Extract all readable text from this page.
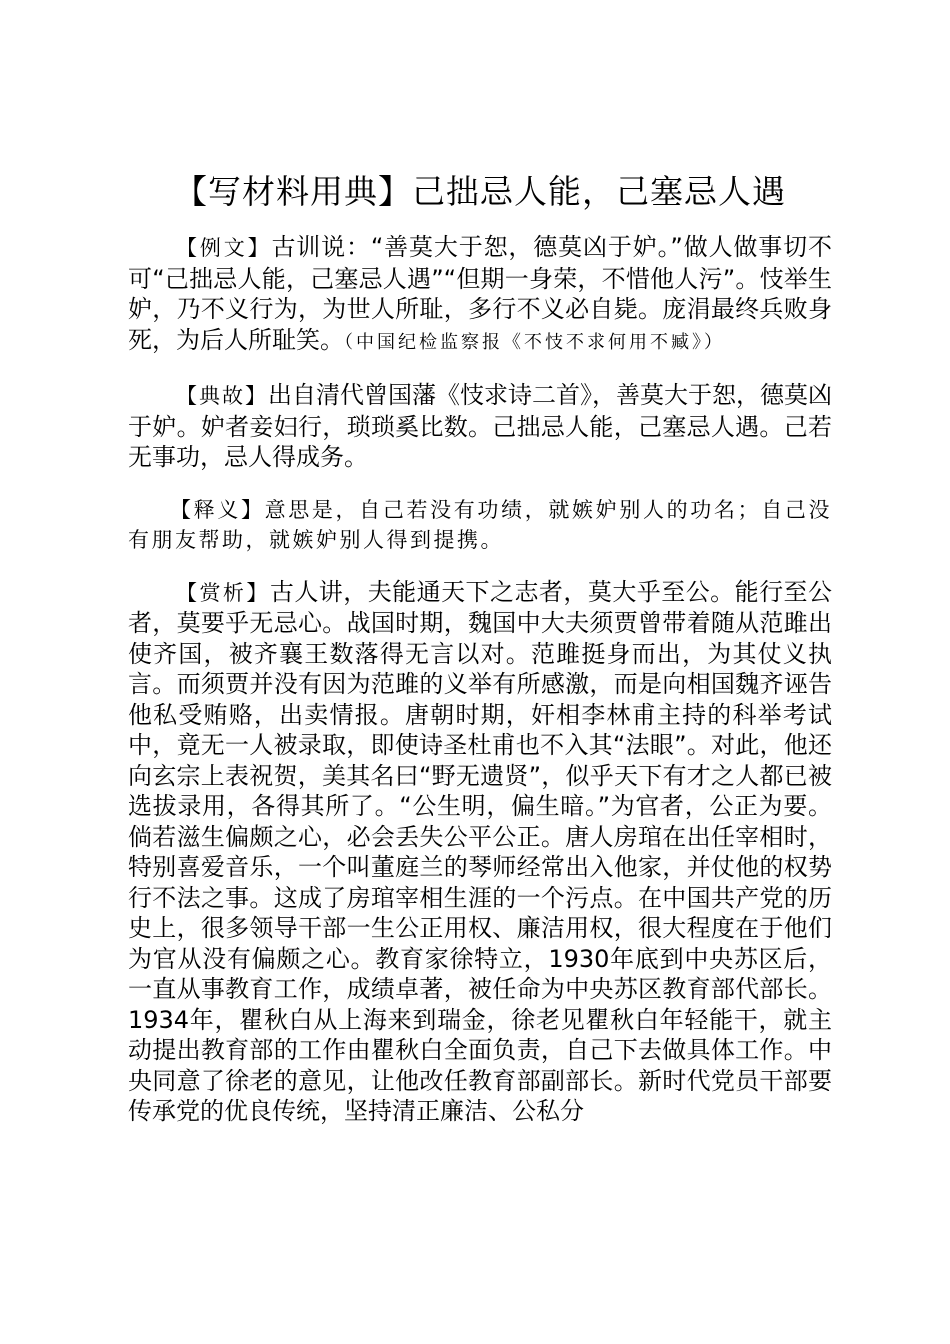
【写材料用典】己拙忌人能，己塞忌人遇

【例文】古训说：“善莫大于恕，德莫凶于妒。”做人做事切不可“己拙忌人能，己塞忌人遇”“但期一身荣，不惜他人污”。忮举生妒，乃不义行为，为世人所耻，多行不义必自毙。庞涓最终兵败身死，为后人所耻笑。（中国纪检监察报《不忮不求何用不臧》）

【典故】出自清代曾国藩《忮求诗二首》，善莫大于恕，德莫凶于妒。妒者妾妇行，琐琐奚比数。己拙忌人能，己塞忌人遇。己若无事功，忌人得成务。

【释义】意思是，自己若没有功绩，就嫉妒别人的功名；自己没有朋友帮助，就嫉妒别人得到提携。

【赏析】古人讲，夫能通天下之志者，莫大乎至公。能行至公者，莫要乎无忌心。战国时期，魏国中大夫须贾曾带着随从范雎出使齐国，被齐襄王数落得无言以对。范雎挺身而出，为其仗义执言。而须贾并没有因为范雎的义举有所感激，而是向相国魏齐诬告他私受贿赂，出卖情报。唐朝时期，奸相李林甫主持的科举考试中，竟无一人被录取，即使诗圣杜甫也不入其“法眼”。对此，他还向玄宗上表祝贺，美其名曰“野无遗贤”，似乎天下有才之人都已被选拔录用，各得其所了。“公生明，偏生暗。”为官者，公正为要。倘若滋生偏颇之心，必会丢失公平公正。唐人房琯在出任宰相时，特别喜爱音乐，一个叫董庭兰的琴师经常出入他家，并仗他的权势行不法之事。这成了房琯宰相生涯的一个污点。在中国共产党的历史上，很多领导干部一生公正用权、廉洁用权，很大程度在于他们为官从没有偏颇之心。教育家徐特立，1930年底到中央苏区后，一直从事教育工作，成绩卓著，被任命为中央苏区教育部代部长。1934年，瞿秋白从上海来到瑞金，徐老见瞿秋白年轻能干，就主动提出教育部的工作由瞿秋白全面负责，自己下去做具体工作。中央同意了徐老的意见，让他改任教育部副部长。新时代党员干部要传承党的优良传统，坚持清正廉洁、公私分
